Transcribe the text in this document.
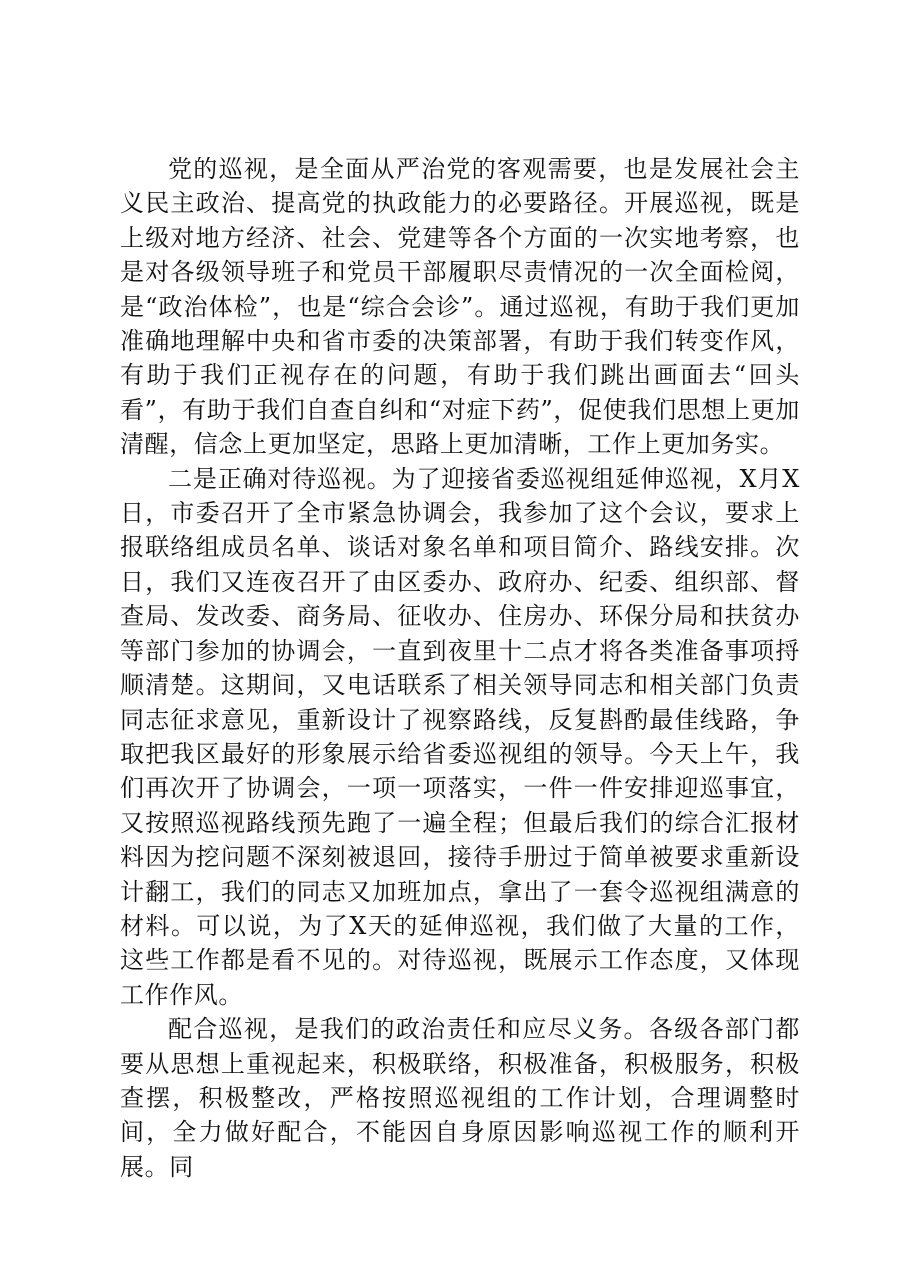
党的巡视，是全面从严治党的客观需要，也是发展社会主义民主政治、提高党的执政能力的必要路径。开展巡视，既是上级对地方经济、社会、党建等各个方面的一次实地考察，也是对各级领导班子和党员干部履职尽责情况的一次全面检阅，是“政治体检”，也是“综合会诊”。通过巡视，有助于我们更加准确地理解中央和省市委的决策部署，有助于我们转变作风，有助于我们正视存在的问题，有助于我们跳出画面去“回头看”，有助于我们自查自纠和“对症下药”，促使我们思想上更加清醒，信念上更加坚定，思路上更加清晰，工作上更加务实。

二是正确对待巡视。为了迎接省委巡视组延伸巡视，X月X日，市委召开了全市紧急协调会，我参加了这个会议，要求上报联络组成员名单、谈话对象名单和项目简介、路线安排。次日，我们又连夜召开了由区委办、政府办、纪委、组织部、督查局、发改委、商务局、征收办、住房办、环保分局和扶贫办等部门参加的协调会，一直到夜里十二点才将各类准备事项捋顺清楚。这期间，又电话联系了相关领导同志和相关部门负责同志征求意见，重新设计了视察路线，反复斟酌最佳线路，争取把我区最好的形象展示给省委巡视组的领导。今天上午，我们再次开了协调会，一项一项落实，一件一件安排迎巡事宜，又按照巡视路线预先跑了一遍全程；但最后我们的综合汇报材料因为挖问题不深刻被退回，接待手册过于简单被要求重新设计翻工，我们的同志又加班加点，拿出了一套令巡视组满意的材料。可以说，为了X天的延伸巡视，我们做了大量的工作，这些工作都是看不见的。对待巡视，既展示工作态度，又体现工作作风。

配合巡视，是我们的政治责任和应尽义务。各级各部门都要从思想上重视起来，积极联络，积极准备，积极服务，积极查摆，积极整改，严格按照巡视组的工作计划，合理调整时间，全力做好配合，不能因自身原因影响巡视工作的顺利开展。同
